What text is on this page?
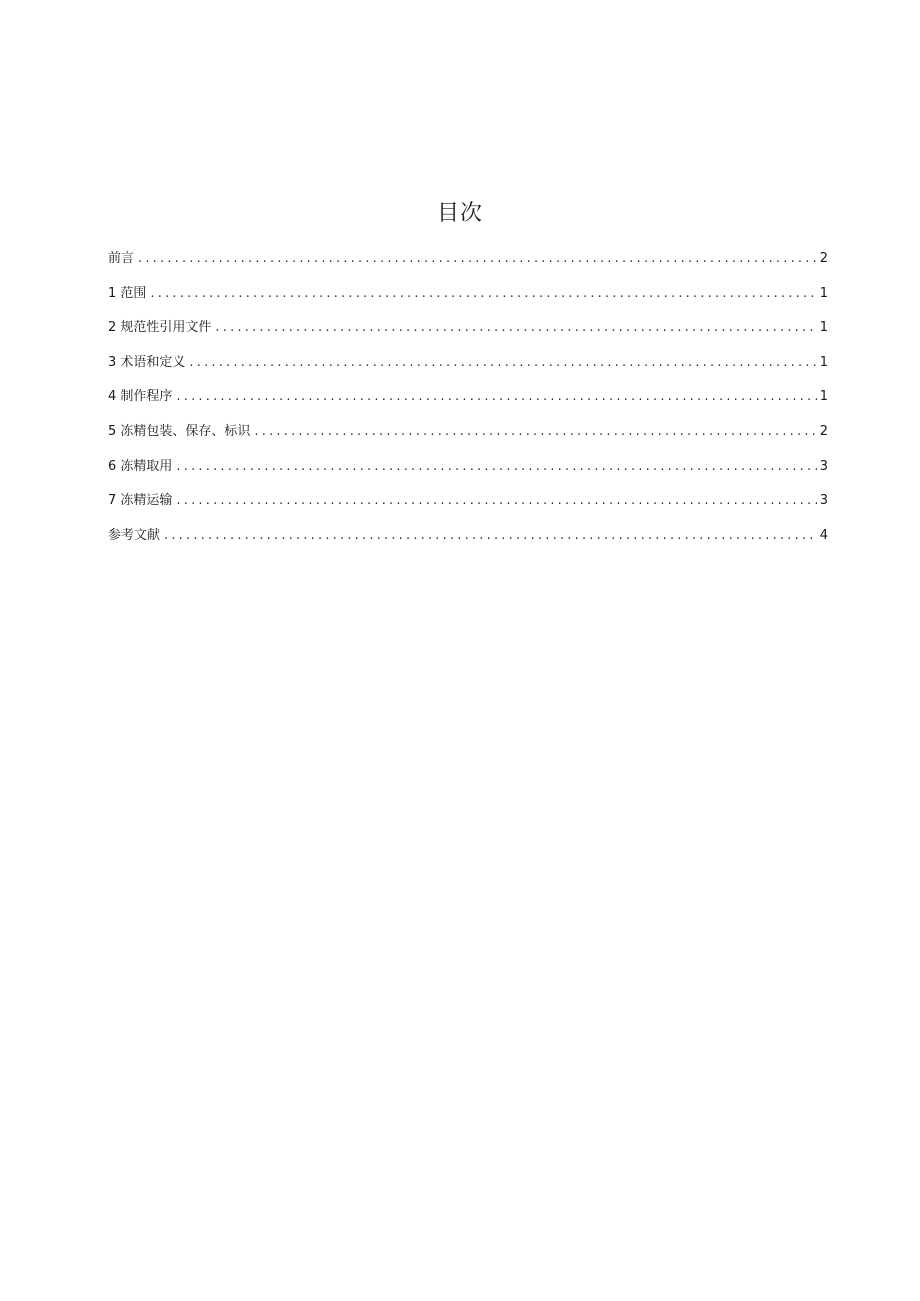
目次
前言 .....	2
1 范围 .....	1
2 规范性引用文件 .....	1
3 术语和定义 .....	1
4 制作程序 .....	1
5 冻精包装、保存、标识 .....	2
6 冻精取用 .....	3
7 冻精运输 .....	3
参考文献 .....	4
